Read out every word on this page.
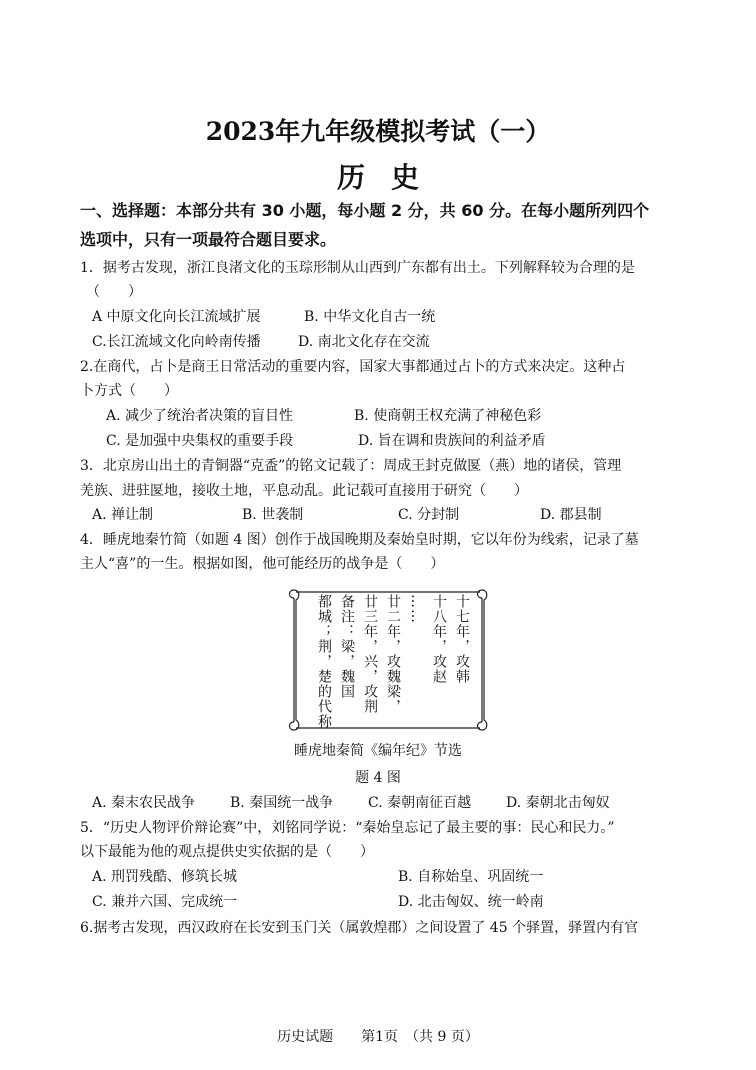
2023年九年级模拟考试（一）
历史
一、选择题：本部分共有 30 小题，每小题 2 分，共 60 分。在每小题所列四个
选项中，只有一项最符合题目要求。
1．据考古发现，浙江良渚文化的玉琮形制从山西到广东都有出土。下列解释较为合理的是
（　　）
A 中原文化向长江流域扩展	B. 中华文化自古一统
C.长江流域文化向岭南传播	D. 南北文化存在交流
2.在商代，占卜是商王日常活动的重要内容，国家大事都通过占卜的方式来决定。这种占
卜方式（　　）
A. 减少了统治者决策的盲目性	B. 使商朝王权充满了神秘色彩
C. 是加强中央集权的重要手段	D. 旨在调和贵族间的利益矛盾
3．北京房山出土的青铜器“克盉”的铭文记载了：周成王封克做匽（燕）地的诸侯，管理
羌族、进驻匽地，接收土地，平息动乱。此记载可直接用于研究（　　）
A. 禅让制	B. 世袭制	C. 分封制	D. 郡县制
4．睡虎地秦竹简（如题 4 图）创作于战国晚期及秦始皇时期，它以年份为线索，记录了墓
主人“喜”的一生。根据如图，他可能经历的战争是（　　）
十七年，攻韩
十八年，攻赵
……
廿二年，攻魏梁，
廿三年，兴，攻荆
备注：梁，魏国
都城；荆，楚的代称
睡虎地秦简《编年纪》节选
题 4 图
A. 秦末农民战争 B. 秦国统一战争 C. 秦朝南征百越 D. 秦朝北击匈奴
5．“历史人物评价辩论赛”中，刘铭同学说：“秦始皇忘记了最主要的事：民心和民力。”
以下最能为他的观点提供史实依据的是（　　）
A. 刑罚残酷、修筑长城	B. 自称始皇、巩固统一
C. 兼并六国、完成统一	D. 北击匈奴、统一岭南
6.据考古发现，西汉政府在长安到玉门关（属敦煌郡）之间设置了 45 个驿置，驿置内有官
历史试题　　第1页　（共 9 页）
